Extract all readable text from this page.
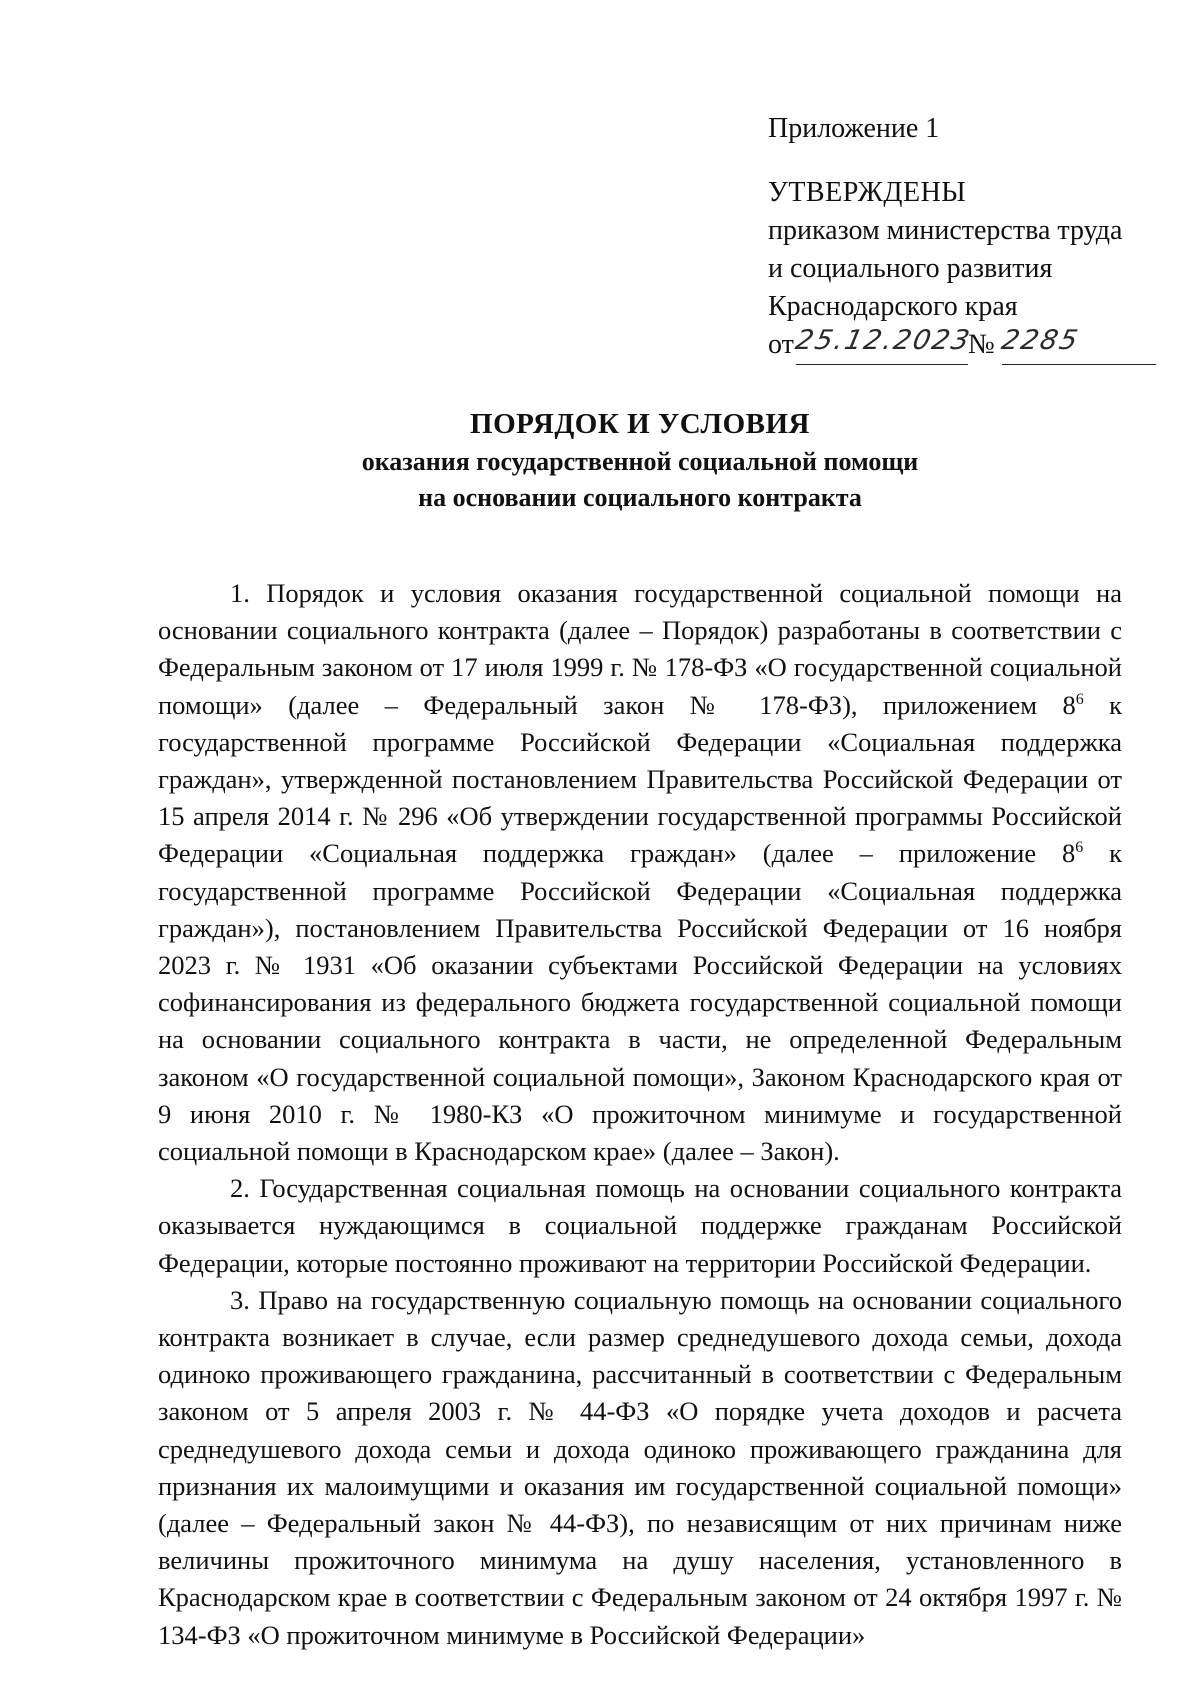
Приложение 1
УТВЕРЖДЕНЫ
приказом министерства труда
и социального развития
Краснодарского края
от
25.12.2023
№ 2285
ПОРЯДОК И УСЛОВИЯ
оказания государственной социальной помощи
на основании социального контракта

1. Порядок и условия оказания государственной социальной помощи на основании социального контракта (далее – Порядок) разработаны в соответствии с Федеральным законом от 17 июля 1999 г. № 178-ФЗ «О государственной социальной помощи» (далее – Федеральный закон № 178-ФЗ), приложением $8^6$ к государственной программе Российской Федерации «Социальная поддержка граждан», утвержденной постановлением Правительства Российской Федерации от 15 апреля 2014 г. № 296 «Об утверждении государственной программы Российской Федерации «Социальная поддержка граждан» (далее – приложение $8^6$ к государственной программе Российской Федерации «Социальная поддержка граждан»), постановлением Правительства Российской Федерации от 16 ноября 2023 г. № 1931 «Об оказании субъектами Российской Федерации на условиях софинансирования из федерального бюджета государственной социальной помощи на основании социального контракта в части, не определенной Федеральным законом «О государственной социальной помощи», Законом Краснодарского края от 9 июня 2010 г. № 1980-КЗ «О прожиточном минимуме и государственной социальной помощи в Краснодарском крае» (далее – Закон).

2. Государственная социальная помощь на основании социального контракта оказывается нуждающимся в социальной поддержке гражданам Российской Федерации, которые постоянно проживают на территории Российской Федерации.

3. Право на государственную социальную помощь на основании социального контракта возникает в случае, если размер среднедушевого дохода семьи, дохода одиноко проживающего гражданина, рассчитанный в соответствии с Федеральным законом от 5 апреля 2003 г. № 44-ФЗ «О порядке учета доходов и расчета среднедушевого дохода семьи и дохода одиноко проживающего гражданина для признания их малоимущими и оказания им государственной социальной помощи» (далее – Федеральный закон № 44-ФЗ), по независящим от них причинам ниже величины прожиточного минимума на душу населения, установленного в Краснодарском крае в соответствии с Федеральным законом от 24 октября 1997 г. № 134-ФЗ «О прожиточном минимуме в Российской Федерации»
